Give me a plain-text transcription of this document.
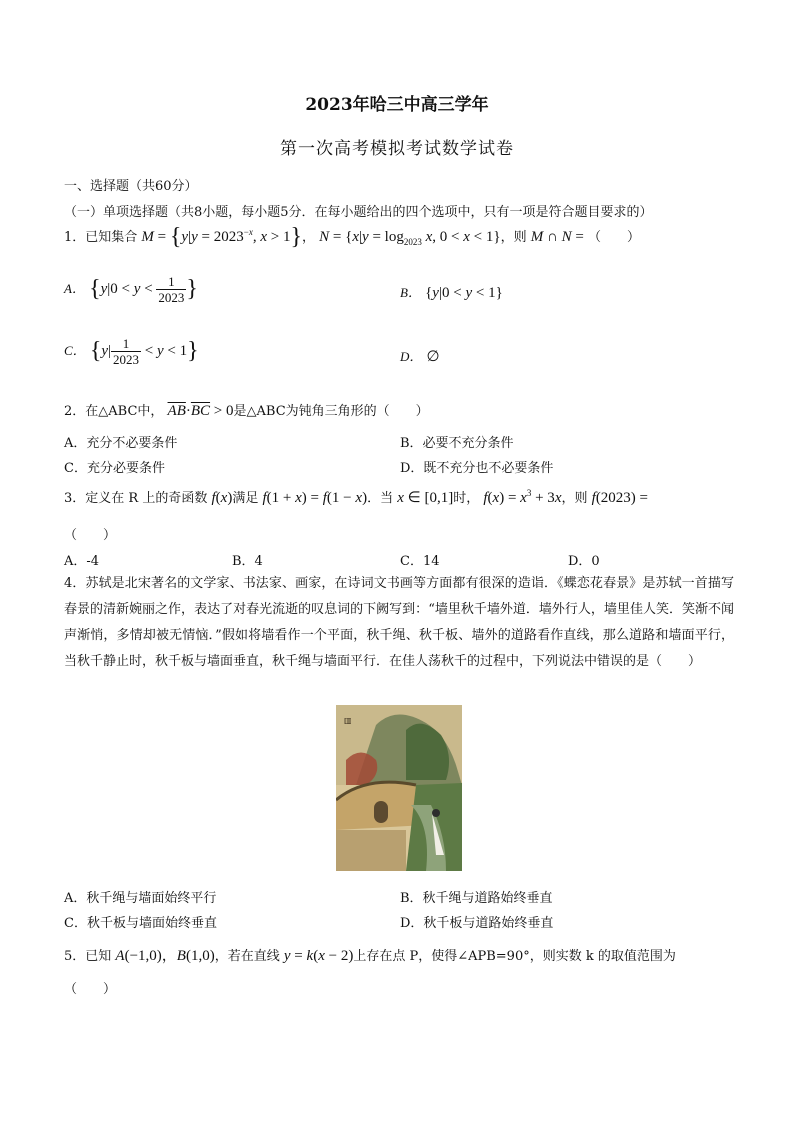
2023年哈三中高三学年
第一次高考模拟考试数学试卷
一、选择题（共60分）
（一）单项选择题（共8小题，每小题5分．在每小题给出的四个选项中，只有一项是符合题目要求的）
1．已知集合 $M = \{y|y = 2023^{-x}$, x > 1}， $N = \{x|y = \log_{2023} x$, 0 < x < 1}，则 M ∩ N = （　　）
A． {$y|0 < y < \frac{1}{2023}$ }	B． {y|0 < y < 1}
C． $\{y| \frac{1}{2023} < y < 1\}$	D． ∅
2．在△ABC中， $\overline{AB}\cdot\overline{BC} > 0$是△ABC为钝角三角形的（　　）
A．充分不必要条件	B．必要不充分条件
C．充分必要条件	D．既不充分也不必要条件
3．定义在 R 上的奇函数 f(x)满足 f(1 + x) = f(1 − x)．当 x ∈ [0,1]时， $f(x) = x^3 + 3x$，则 f(2023) =
（　　）
A．-4	B．4	C．14	D．0
4．苏轼是北宋著名的文学家、书法家、画家，在诗词文书画等方面都有很深的造诣．《蝶恋花春景》是苏轼一首描写春景的清新婉丽之作，表达了对春光流逝的叹息词的下阙写到：“墙里秋千墙外道．墙外行人，墙里佳人笑．笑渐不闻声渐悄，多情却被无情恼．”假如将墙看作一个平面，秋千绳、秋千板、墙外的道路看作直线，那么道路和墙面平行，当秋千静止时，秋千板与墙面垂直，秋千绳与墙面平行．在佳人荡秋千的过程中，下列说法中错误的是（　　）
▥
A．秋千绳与墙面始终平行	B．秋千绳与道路始终垂直
C．秋千板与墙面始终垂直	D．秋千板与道路始终垂直
5．已知 A(−1,0)，B(1,0)，若在直线 y = k(x − 2)上存在点 P，使得∠APB=90°，则实数 k 的取值范围为
（　　）
